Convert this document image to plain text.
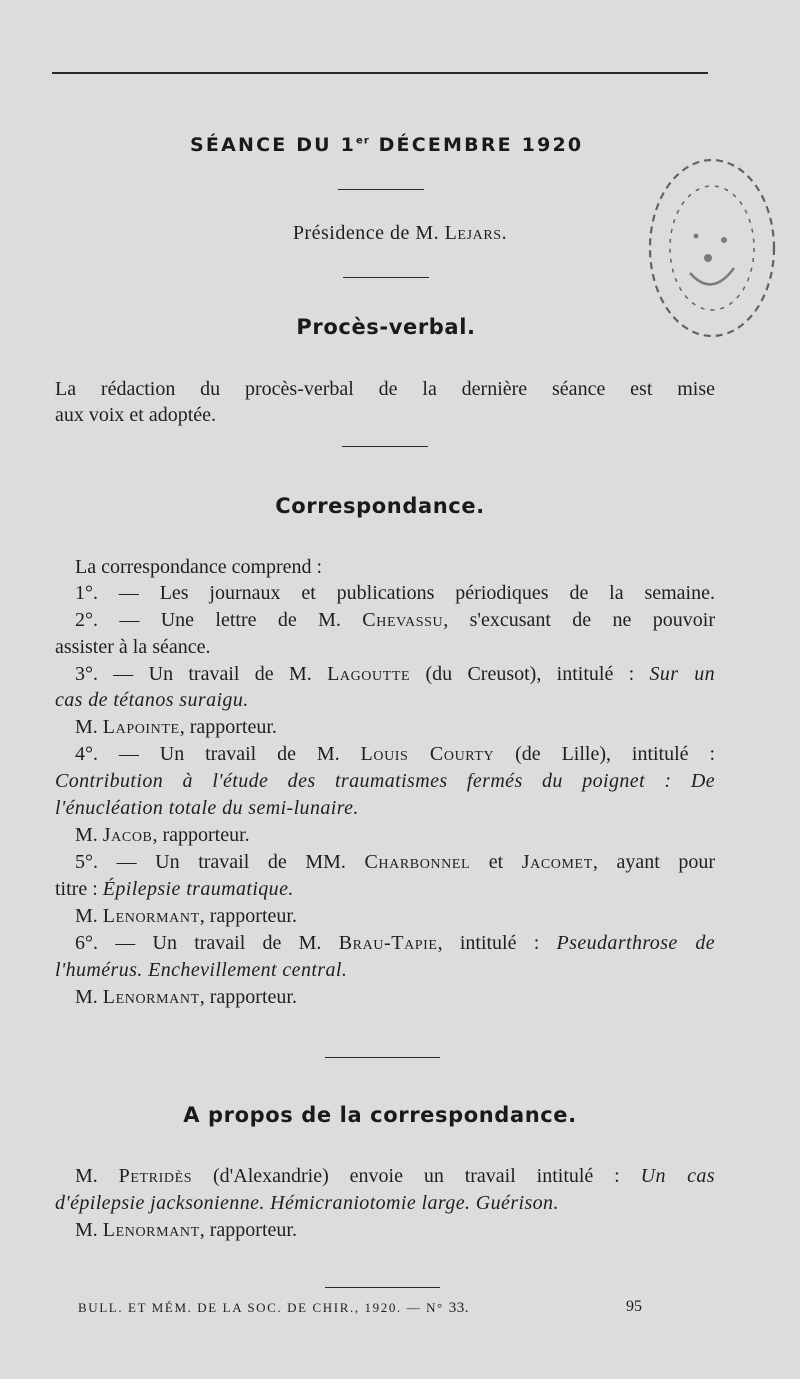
SÉANCE DU 1er DÉCEMBRE 1920
Présidence de M. Lejars.
Procès-verbal.
La rédaction du procès-verbal de la dernière séance est mise
aux voix et adoptée.
Correspondance.
La correspondance comprend :
1°. — Les journaux et publications périodiques de la semaine.
2°. — Une lettre de M. Chevassu, s'excusant de ne pouvoir
assister à la séance.
3°. — Un travail de M. Lagoutte (du Creusot), intitulé : Sur un
cas de tétanos suraigu.
M. Lapointe, rapporteur.
4°. — Un travail de M. Louis Courty (de Lille), intitulé :
Contribution à l'étude des traumatismes fermés du poignet : De
l'énucléation totale du semi-lunaire.
M. Jacob, rapporteur.
5°. — Un travail de MM. Charbonnel et Jacomet, ayant pour
titre : Épilepsie traumatique.
M. Lenormant, rapporteur.
6°. — Un travail de M. Brau-Tapie, intitulé : Pseudarthrose de
l'humérus. Enchevillement central.
M. Lenormant, rapporteur.
A propos de la correspondance.
M. Petridès (d'Alexandrie) envoie un travail intitulé : Un cas
d'épilepsie jacksonienne. Hémicraniotomie large. Guérison.
M. Lenormant, rapporteur.
BULL. ET MÉM. DE LA SOC. DE CHIR., 1920. — N° 33.	95
